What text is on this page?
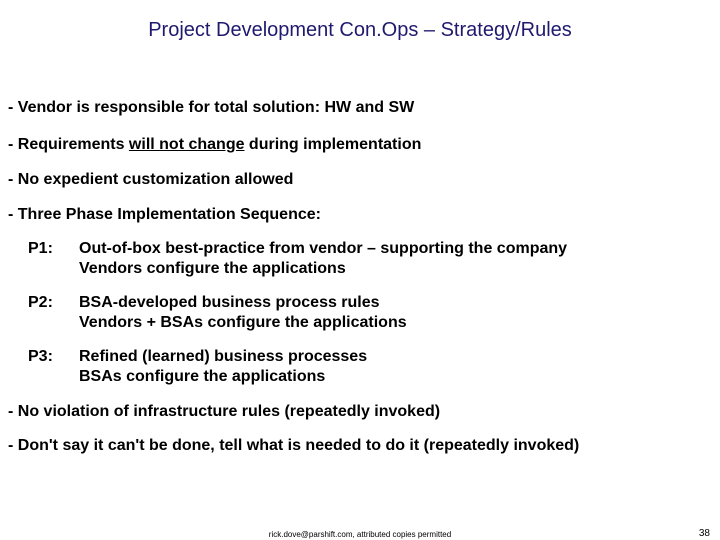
Project Development Con.Ops – Strategy/Rules
- Vendor is responsible for total solution: HW and SW
- Requirements will not change during implementation
- No expedient customization allowed
- Three Phase Implementation Sequence:
P1: Out-of-box best-practice from vendor – supporting the company
Vendors configure the applications
P2: BSA-developed business process rules
Vendors + BSAs configure the applications
P3: Refined (learned) business processes
BSAs configure the applications
- No violation of infrastructure rules (repeatedly invoked)
- Don't say it can't be done, tell what is needed to do it (repeatedly invoked)
rick.dove@parshift.com, attributed copies permitted	38
